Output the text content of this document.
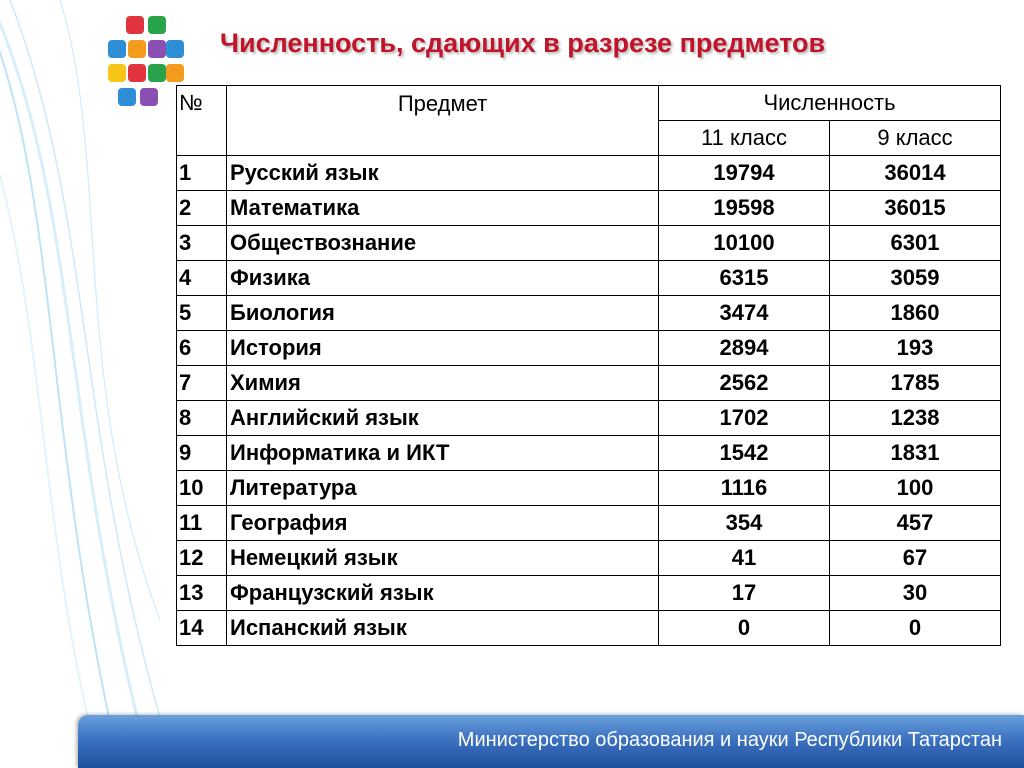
Численность, сдающих в разрезе предметов
№	Предмет	Численность	
		11 класс	9 класс
1	Русский язык	19794	36014
2	Математика	19598	36015
3	Обществознание	10100	6301
4	Физика	6315	3059
5	Биология	3474	1860
6	История	2894	193
7	Химия	2562	1785
8	Английский язык	1702	1238
9	Информатика и ИКТ	1542	1831
10	Литература	1116	100
11	География	354	457
12	Немецкий язык	41	67
13	Французский язык	17	30
14	Испанский язык	0	0
Министерство образования и науки Республики Татарстан
